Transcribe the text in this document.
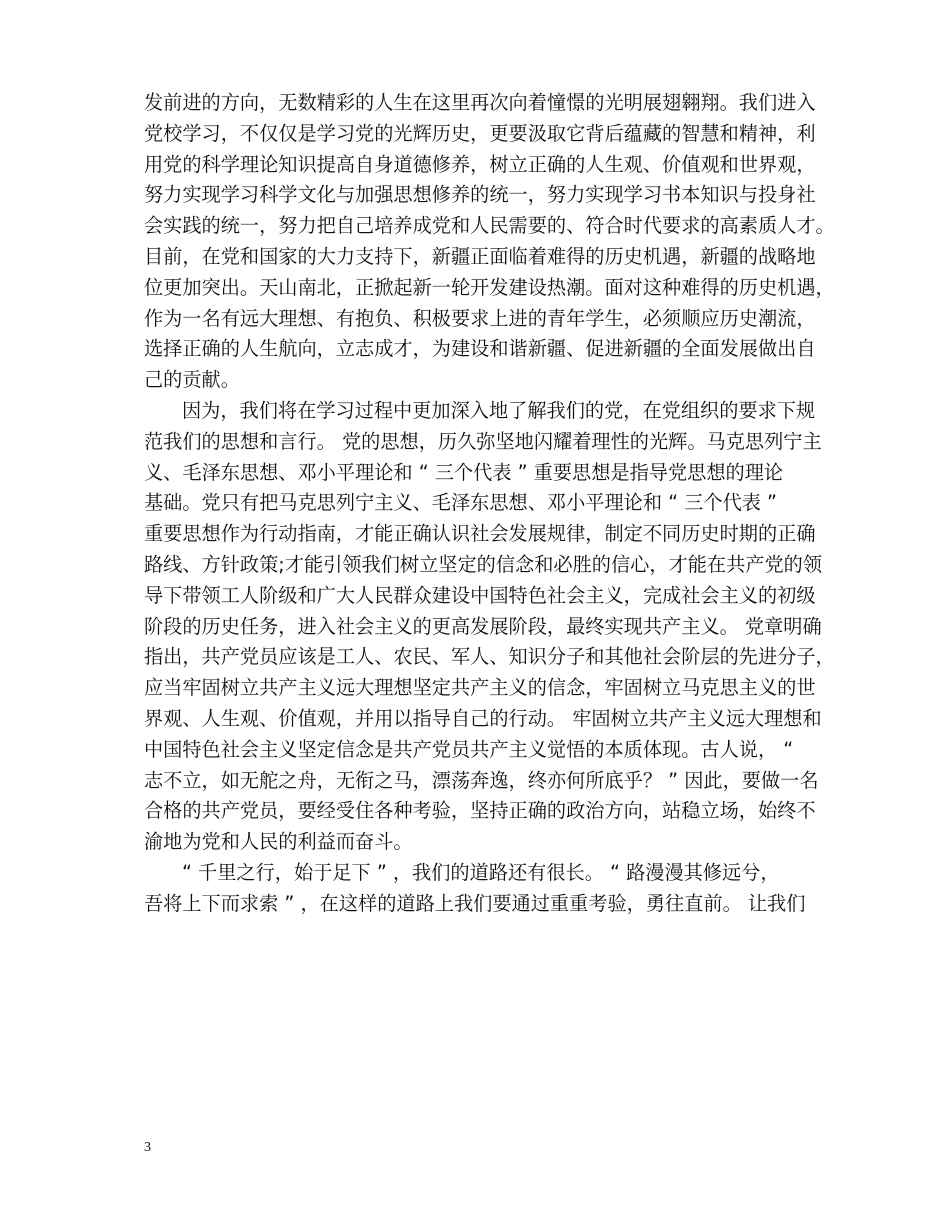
发前进的方向，无数精彩的人生在这里再次向着憧憬的光明展翅翱翔。我们进入
党校学习，不仅仅是学习党的光辉历史，更要汲取它背后蕴藏的智慧和精神，利
用党的科学理论知识提高自身道德修养，树立正确的人生观、价值观和世界观，
努力实现学习科学文化与加强思想修养的统一，努力实现学习书本知识与投身社
会实践的统一，努力把自己培养成党和人民需要的、符合时代要求的高素质人才。
目前，在党和国家的大力支持下，新疆正面临着难得的历史机遇，新疆的战略地
位更加突出。天山南北，正掀起新一轮开发建设热潮。面对这种难得的历史机遇，
作为一名有远大理想、有抱负、积极要求上进的青年学生，必须顺应历史潮流，
选择正确的人生航向，立志成才，为建设和谐新疆、促进新疆的全面发展做出自
己的贡献。
因为，我们将在学习过程中更加深入地了解我们的党，在党组织的要求下规
范我们的思想和言行。 党的思想，历久弥坚地闪耀着理性的光辉。马克思列宁主
义、毛泽东思想、邓小平理论和 “ 三个代表 ” 重要思想是指导党思想的理论
基础。党只有把马克思列宁主义、毛泽东思想、邓小平理论和 “ 三个代表 ”
重要思想作为行动指南，才能正确认识社会发展规律，制定不同历史时期的正确
路线、方针政策;才能引领我们树立坚定的信念和必胜的信心，才能在共产党的领
导下带领工人阶级和广大人民群众建设中国特色社会主义，完成社会主义的初级
阶段的历史任务，进入社会主义的更高发展阶段，最终实现共产主义。 党章明确
指出，共产党员应该是工人、农民、军人、知识分子和其他社会阶层的先进分子，
应当牢固树立共产主义远大理想坚定共产主义的信念，牢固树立马克思主义的世
界观、人生观、价值观，并用以指导自己的行动。 牢固树立共产主义远大理想和
中国特色社会主义坚定信念是共产党员共产主义觉悟的本质体现。古人说， “
志不立，如无舵之舟，无衔之马，漂荡奔逸，终亦何所底乎？ ” 因此，要做一名
合格的共产党员，要经受住各种考验，坚持正确的政治方向，站稳立场，始终不
渝地为党和人民的利益而奋斗。
“ 千里之行，始于足下 ” ，我们的道路还有很长。 “ 路漫漫其修远兮，
吾将上下而求索 ” ，在这样的道路上我们要通过重重考验，勇往直前。 让我们
3
